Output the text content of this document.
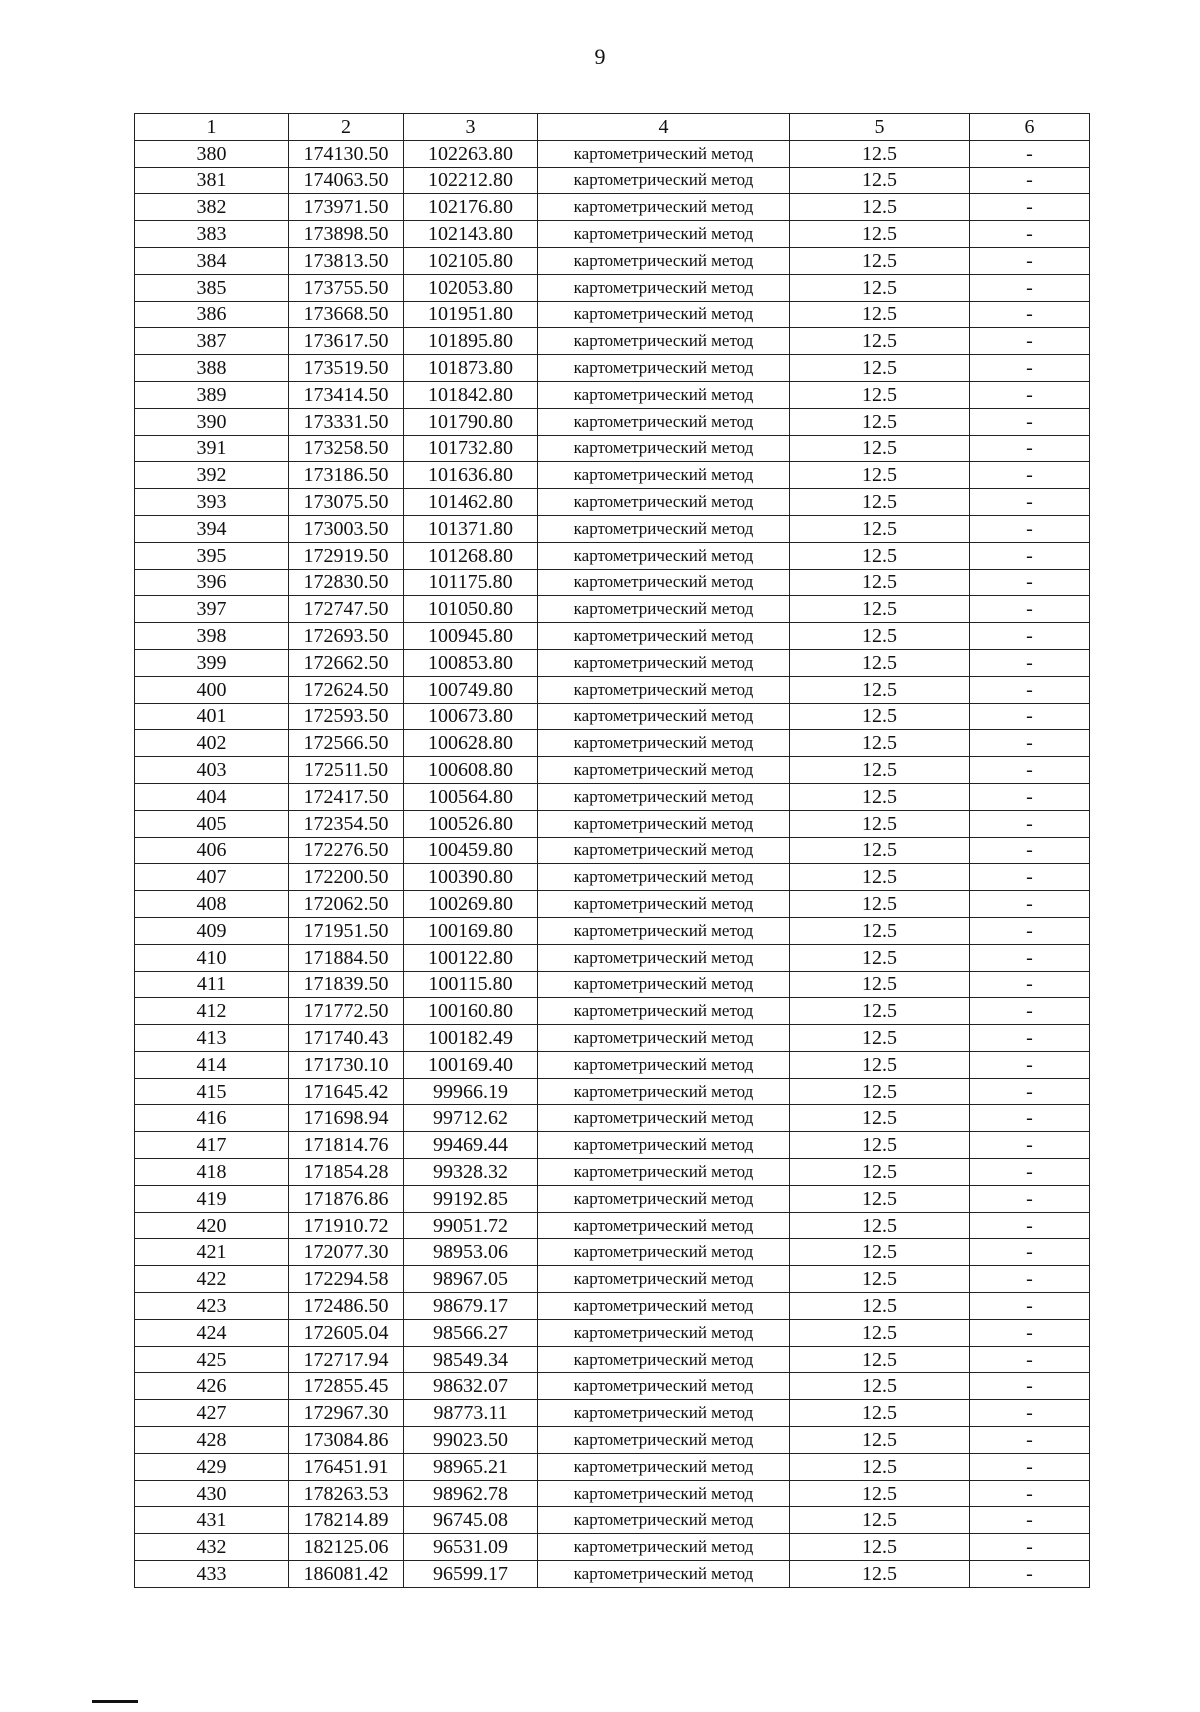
9
1	2	3	4	5	6
380	174130.50	102263.80	картометрический метод	12.5	-
381	174063.50	102212.80	картометрический метод	12.5	-
382	173971.50	102176.80	картометрический метод	12.5	-
383	173898.50	102143.80	картометрический метод	12.5	-
384	173813.50	102105.80	картометрический метод	12.5	-
385	173755.50	102053.80	картометрический метод	12.5	-
386	173668.50	101951.80	картометрический метод	12.5	-
387	173617.50	101895.80	картометрический метод	12.5	-
388	173519.50	101873.80	картометрический метод	12.5	-
389	173414.50	101842.80	картометрический метод	12.5	-
390	173331.50	101790.80	картометрический метод	12.5	-
391	173258.50	101732.80	картометрический метод	12.5	-
392	173186.50	101636.80	картометрический метод	12.5	-
393	173075.50	101462.80	картометрический метод	12.5	-
394	173003.50	101371.80	картометрический метод	12.5	-
395	172919.50	101268.80	картометрический метод	12.5	-
396	172830.50	101175.80	картометрический метод	12.5	-
397	172747.50	101050.80	картометрический метод	12.5	-
398	172693.50	100945.80	картометрический метод	12.5	-
399	172662.50	100853.80	картометрический метод	12.5	-
400	172624.50	100749.80	картометрический метод	12.5	-
401	172593.50	100673.80	картометрический метод	12.5	-
402	172566.50	100628.80	картометрический метод	12.5	-
403	172511.50	100608.80	картометрический метод	12.5	-
404	172417.50	100564.80	картометрический метод	12.5	-
405	172354.50	100526.80	картометрический метод	12.5	-
406	172276.50	100459.80	картометрический метод	12.5	-
407	172200.50	100390.80	картометрический метод	12.5	-
408	172062.50	100269.80	картометрический метод	12.5	-
409	171951.50	100169.80	картометрический метод	12.5	-
410	171884.50	100122.80	картометрический метод	12.5	-
411	171839.50	100115.80	картометрический метод	12.5	-
412	171772.50	100160.80	картометрический метод	12.5	-
413	171740.43	100182.49	картометрический метод	12.5	-
414	171730.10	100169.40	картометрический метод	12.5	-
415	171645.42	99966.19	картометрический метод	12.5	-
416	171698.94	99712.62	картометрический метод	12.5	-
417	171814.76	99469.44	картометрический метод	12.5	-
418	171854.28	99328.32	картометрический метод	12.5	-
419	171876.86	99192.85	картометрический метод	12.5	-
420	171910.72	99051.72	картометрический метод	12.5	-
421	172077.30	98953.06	картометрический метод	12.5	-
422	172294.58	98967.05	картометрический метод	12.5	-
423	172486.50	98679.17	картометрический метод	12.5	-
424	172605.04	98566.27	картометрический метод	12.5	-
425	172717.94	98549.34	картометрический метод	12.5	-
426	172855.45	98632.07	картометрический метод	12.5	-
427	172967.30	98773.11	картометрический метод	12.5	-
428	173084.86	99023.50	картометрический метод	12.5	-
429	176451.91	98965.21	картометрический метод	12.5	-
430	178263.53	98962.78	картометрический метод	12.5	-
431	178214.89	96745.08	картометрический метод	12.5	-
432	182125.06	96531.09	картометрический метод	12.5	-
433	186081.42	96599.17	картометрический метод	12.5	-
